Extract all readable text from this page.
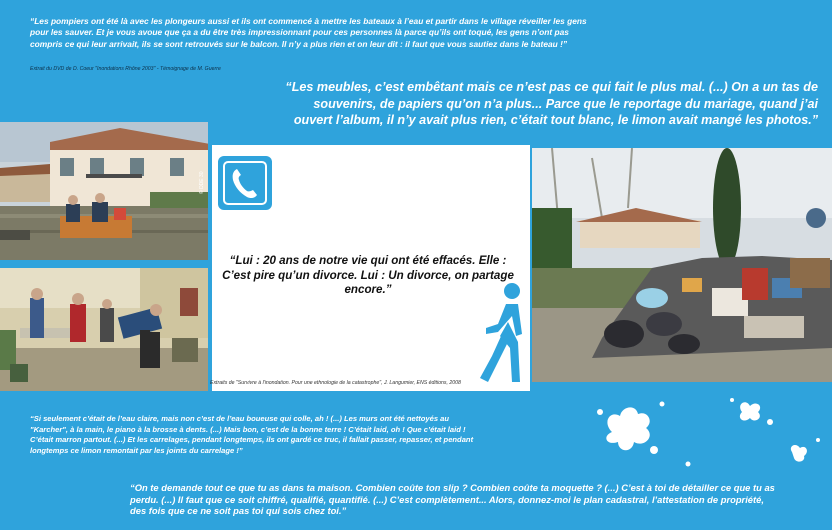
“Les pompiers ont été là avec les plongeurs aussi et ils ont commencé à mettre les bateaux à l’eau et partir dans le village réveiller les gens pour les sauver. Et je vous avoue que ça a du être très impressionnant pour ces personnes là parce qu’ils ont toqué, les gens n’ont pas compris ce qui leur arrivait, ils se sont retrouvés sur le balcon. Il n’y a plus rien et on leur dit : il faut que vous sautiez dans le bateau !”
Extrait du DVD de D. Coeur "Inondations Rhône 2003" - Témoignage de M. Guerre
“Les meubles, c’est embêtant mais ce n’est pas ce qui fait le plus mal. (...) On a un tas de souvenirs, de papiers qu’on n’a plus... Parce que le reportage du mariage, quand j’ai ouvert l’album, il n’y avait plus rien, c’était tout blanc, le limon avait mangé les photos.”
© DDE 30
“Lui : 20 ans de notre vie qui ont été effacés. Elle : C’est pire qu’un divorce. Lui : Un divorce, on partage encore.”
Extraits de "Survivre à l'inondation. Pour une ethnologie de la catastrophe", J. Langumier, ENS éditions, 2008
“Si seulement c’était de l’eau claire, mais non c’est de l’eau boueuse qui colle, ah ! (...) Les murs ont été nettoyés au "Karcher", à la main, le piano à la brosse à dents. (...) Mais bon, c’est de la bonne terre ! C’était laid, oh ! Que c’était laid ! C’était marron partout. (...) Et les carrelages, pendant longtemps, ils ont gardé ce truc, il fallait passer, repasser, et pendant longtemps ce limon remontait par les joints du carrelage !”
“On te demande tout ce que tu as dans ta maison. Combien coûte ton slip ? Combien coûte ta moquette ? (...) C’est à toi de détailler ce que tu as perdu. (...) Il faut que ce soit chiffré, qualifié, quantifié. (...) C’est complètement... Alors, donnez-moi le plan cadastral, l’attestation de propriété, des fois que ce ne soit pas toi qui sois chez toi.”
